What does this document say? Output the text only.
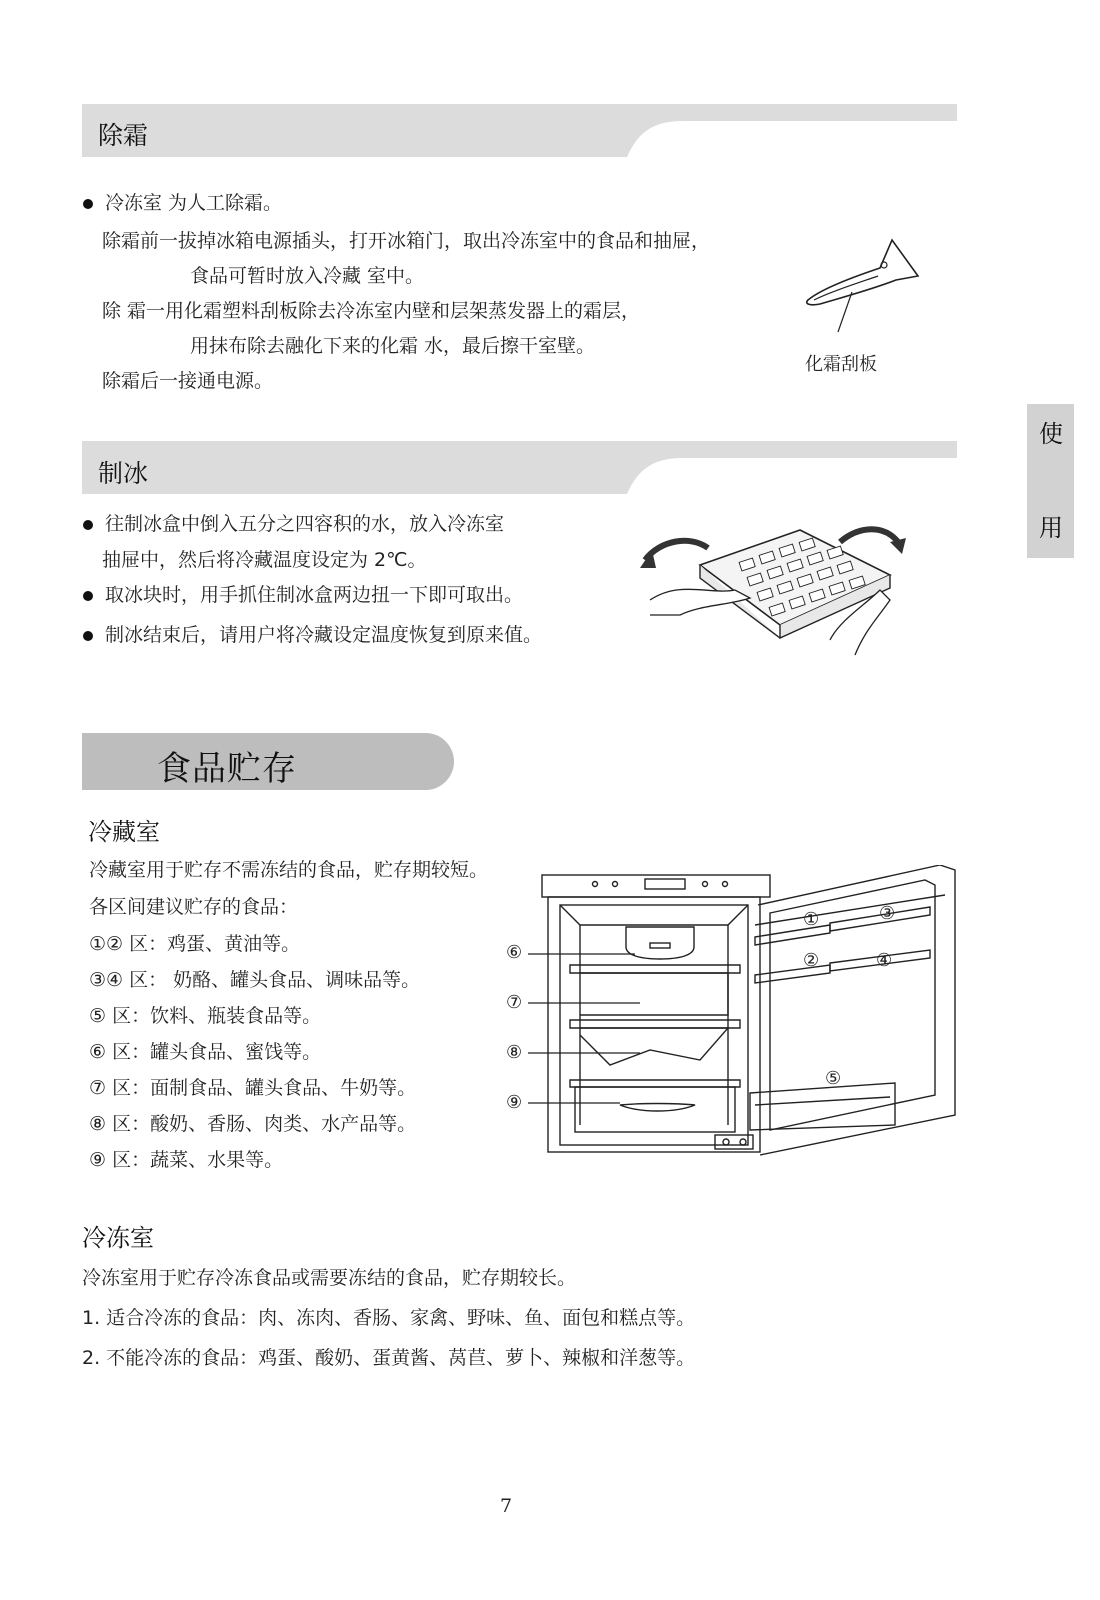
除霜
冷冻室 为人工除霜。
除霜前一拔掉冰箱电源插头，打开冰箱门，取出冷冻室中的食品和抽屉，
食品可暂时放入冷藏 室中。
除 霜一用化霜塑料刮板除去冷冻室内壁和层架蒸发器上的霜层，
用抹布除去融化下来的化霜 水，最后擦干室壁。
除霜后一接通电源。
化霜刮板
使
用
制冰
往制冰盒中倒入五分之四容积的水，放入冷冻室
抽屉中，然后将冷藏温度设定为 2℃。
取冰块时，用手抓住制冰盒两边扭一下即可取出。
制冰结束后，请用户将冷藏设定温度恢复到原来值。
食品贮存
冷藏室
冷藏室用于贮存不需冻结的食品，贮存期较短。
各区间建议贮存的食品：
①② 区：鸡蛋、黄油等。
③④ 区： 奶酪、罐头食品、调味品等。
⑤ 区：饮料、瓶装食品等。
⑥ 区：罐头食品、蜜饯等。
⑦ 区：面制食品、罐头食品、牛奶等。
⑧ 区：酸奶、香肠、肉类、水产品等。
⑨ 区：蔬菜、水果等。
⑥
⑦
⑧
⑨
①	③
②	④
⑤
冷冻室
冷冻室用于贮存冷冻食品或需要冻结的食品，贮存期较长。
1. 适合冷冻的食品：肉、冻肉、香肠、家禽、野味、鱼、面包和糕点等。
2. 不能冷冻的食品：鸡蛋、酸奶、蛋黄酱、莴苣、萝卜、辣椒和洋葱等。
7
